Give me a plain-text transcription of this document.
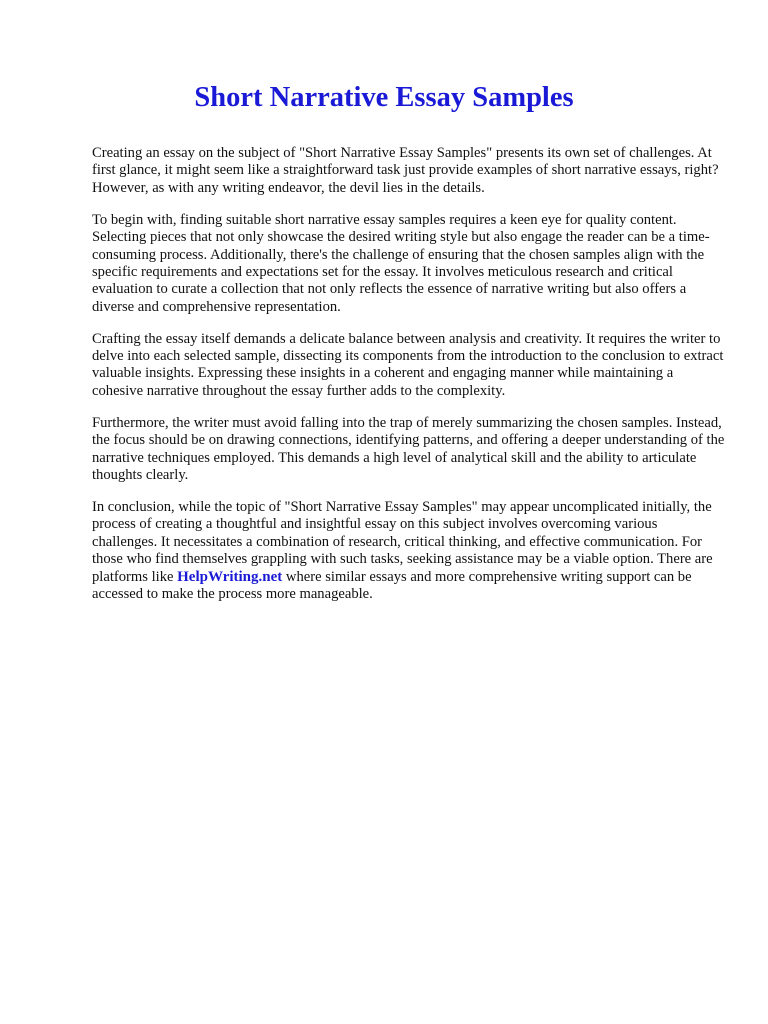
Short Narrative Essay Samples

Creating an essay on the subject of "Short Narrative Essay Samples" presents its own set of challenges. At first glance, it might seem like a straightforward task just provide examples of short narrative essays, right? However, as with any writing endeavor, the devil lies in the details.

To begin with, finding suitable short narrative essay samples requires a keen eye for quality content. Selecting pieces that not only showcase the desired writing style but also engage the reader can be a time-consuming process. Additionally, there's the challenge of ensuring that the chosen samples align with the specific requirements and expectations set for the essay. It involves meticulous research and critical evaluation to curate a collection that not only reflects the essence of narrative writing but also offers a diverse and comprehensive representation.

Crafting the essay itself demands a delicate balance between analysis and creativity. It requires the writer to delve into each selected sample, dissecting its components from the introduction to the conclusion to extract valuable insights. Expressing these insights in a coherent and engaging manner while maintaining a cohesive narrative throughout the essay further adds to the complexity.

Furthermore, the writer must avoid falling into the trap of merely summarizing the chosen samples. Instead, the focus should be on drawing connections, identifying patterns, and offering a deeper understanding of the narrative techniques employed. This demands a high level of analytical skill and the ability to articulate thoughts clearly.

In conclusion, while the topic of "Short Narrative Essay Samples" may appear uncomplicated initially, the process of creating a thoughtful and insightful essay on this subject involves overcoming various challenges. It necessitates a combination of research, critical thinking, and effective communication. For those who find themselves grappling with such tasks, seeking assistance may be a viable option. There are platforms like HelpWriting.net where similar essays and more comprehensive writing support can be accessed to make the process more manageable.
